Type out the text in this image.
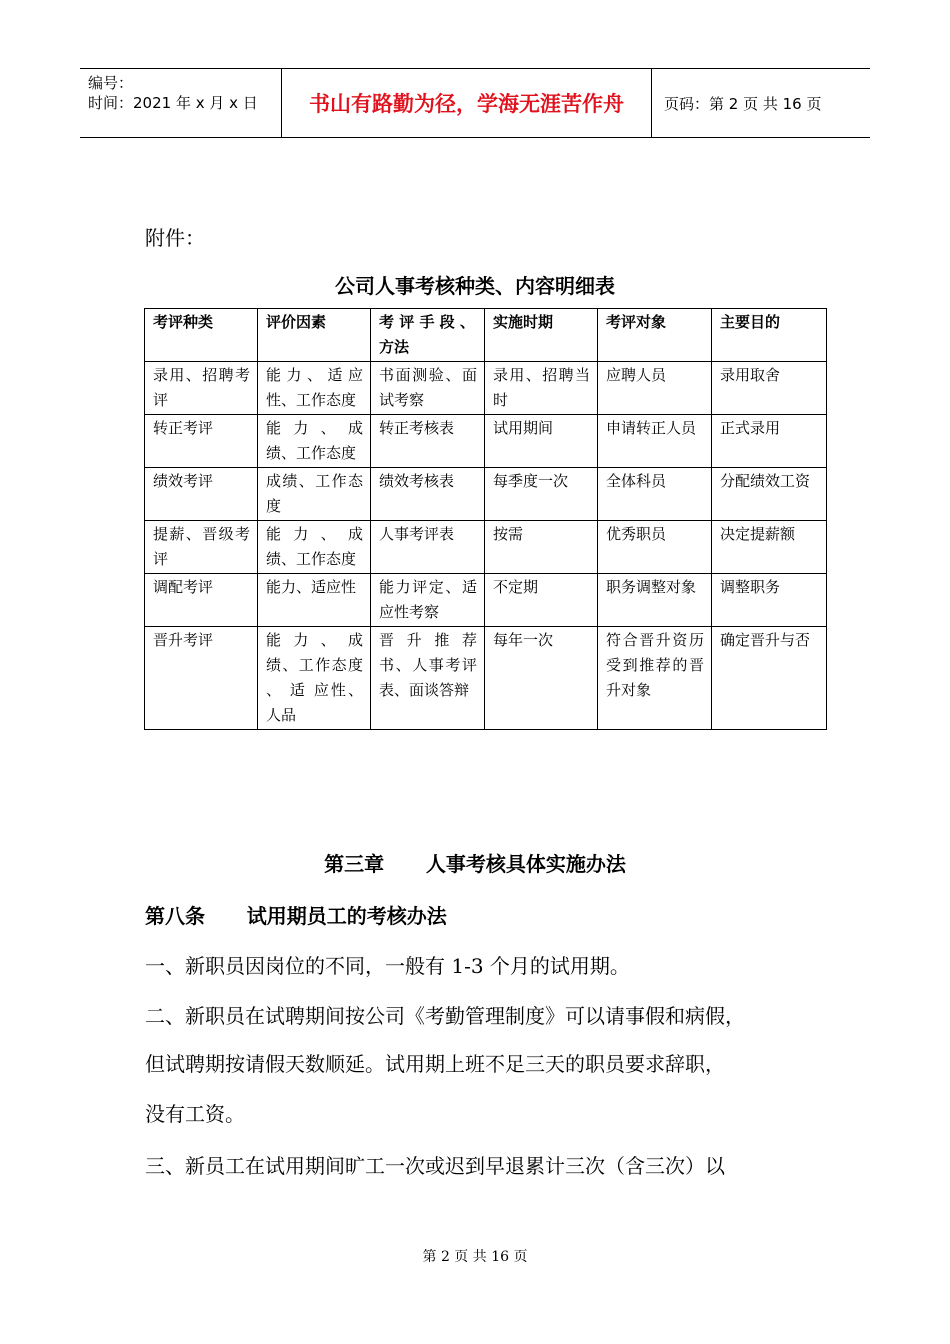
编号：
时间：2021 年 x 月 x 日	书山有路勤为径，学海无涯苦作舟	页码：第 2 页 共 16 页
附件：
公司人事考核种类、内容明细表
考评种类	评价因素	考 评 手 段 、方法	实施时期	考评对象	主要目的
录用、招聘考评	能力、适应性、工作态度	书面测验、面试考察	录用、招聘当时	应聘人员	录用取舍
转正考评	能 力 、 成绩、工作态度	转正考核表	试用期间	申请转正人员	正式录用
绩效考评	成绩、工作态度	绩效考核表	每季度一次	全体科员	分配绩效工资
提薪、晋级考评	能 力 、 成绩、工作态度	人事考评表	按需	优秀职员	决定提薪额
调配考评	能力、适应性	能力评定、适应性考察	不定期	职务调整对象	调整职务
晋升考评	能 力 、 成绩、工作态度 、 适 应性、人品	晋 升 推 荐书、人事考评表、面谈答辩	每年一次	符合晋升资历受到推荐的晋升对象	确定晋升与否
第三章      人事考核具体实施办法
第八条      试用期员工的考核办法
一、新职员因岗位的不同，一般有 1-3 个月的试用期。
二、新职员在试聘期间按公司《考勤管理制度》可以请事假和病假，
但试聘期按请假天数顺延。试用期上班不足三天的职员要求辞职，
没有工资。
三、新员工在试用期间旷工一次或迟到早退累计三次（含三次）以
第 2 页 共 16 页
